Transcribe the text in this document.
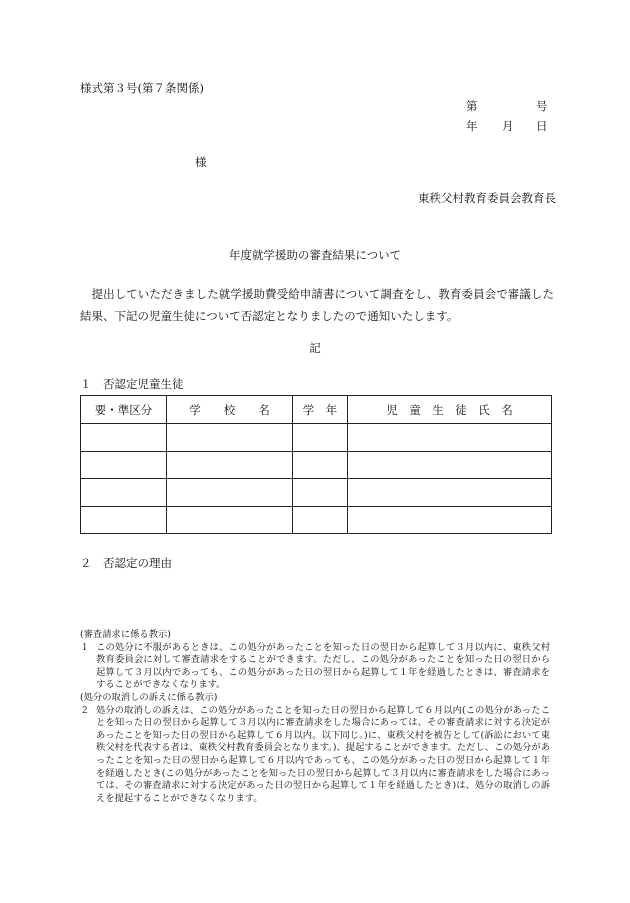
様式第３号(第７条関係)
第	号
年 月 日
様
東秩父村教育委員会教育長
年度就学援助の審査結果について
提出していただきました就学援助費受給申請書について調査をし、教育委員会で審議した結果、下記の児童生徒について否認定となりましたので通知いたします。
記
１　否認定児童生徒
要・準区分	学　　校　　名	学　年	児　童　生　徒　氏　名

２　否認定の理由
(審査請求に係る教示)
１ この処分に不服があるときは、この処分があったことを知った日の翌日から起算して３月以内に、東秩父村教育委員会に対して審査請求をすることができます。ただし、この処分があったことを知った日の翌日から起算して３月以内であっても、この処分があった日の翌日から起算して１年を経過したときは、審査請求をすることができなくなります。
(処分の取消しの訴えに係る教示)
２ 処分の取消しの訴えは、この処分があったことを知った日の翌日から起算して６月以内(この処分があったことを知った日の翌日から起算して３月以内に審査請求をした場合にあっては、その審査請求に対する決定があったことを知った日の翌日から起算して６月以内。以下同じ。)に、東秩父村を被告として(訴訟において東秩父村を代表する者は、東秩父村教育委員会となります。)、提起することができます。ただし、この処分があったことを知った日の翌日から起算して６月以内であっても、この処分があった日の翌日から起算して１年を経過したとき(この処分があったことを知った日の翌日から起算して３月以内に審査請求をした場合にあっては、その審査請求に対する決定があった日の翌日から起算して１年を経過したとき)は、処分の取消しの訴えを提起することができなくなります。
